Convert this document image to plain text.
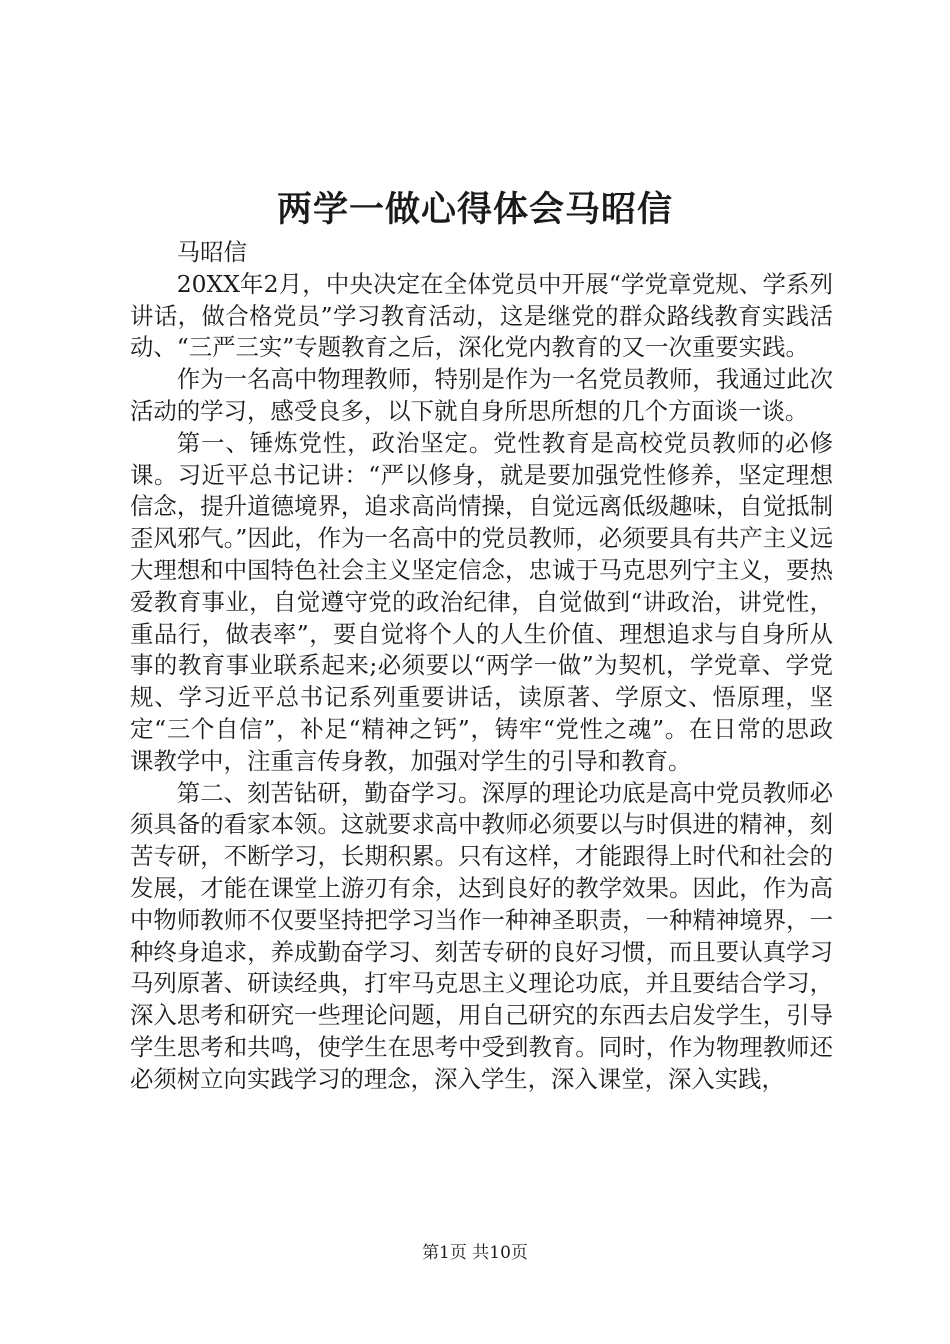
两学一做心得体会马昭信

马昭信

20XX年2月，中央决定在全体党员中开展“学党章党规、学系列讲话，做合格党员”学习教育活动，这是继党的群众路线教育实践活动、“三严三实”专题教育之后，深化党内教育的又一次重要实践。

作为一名高中物理教师，特别是作为一名党员教师，我通过此次活动的学习，感受良多，以下就自身所思所想的几个方面谈一谈。

第一、锤炼党性，政治坚定。党性教育是高校党员教师的必修课。习近平总书记讲：“严以修身，就是要加强党性修养，坚定理想信念，提升道德境界，追求高尚情操，自觉远离低级趣味，自觉抵制歪风邪气。”因此，作为一名高中的党员教师，必须要具有共产主义远大理想和中国特色社会主义坚定信念，忠诚于马克思列宁主义，要热爱教育事业，自觉遵守党的政治纪律，自觉做到“讲政治，讲党性，重品行，做表率”，要自觉将个人的人生价值、理想追求与自身所从事的教育事业联系起来;必须要以“两学一做”为契机，学党章、学党规、学习近平总书记系列重要讲话，读原著、学原文、悟原理，坚定“三个自信”，补足“精神之钙”，铸牢“党性之魂”。在日常的思政课教学中，注重言传身教，加强对学生的引导和教育。

第二、刻苦钻研，勤奋学习。深厚的理论功底是高中党员教师必须具备的看家本领。这就要求高中教师必须要以与时俱进的精神，刻苦专研，不断学习，长期积累。只有这样，才能跟得上时代和社会的发展，才能在课堂上游刃有余，达到良好的教学效果。因此，作为高中物师教师不仅要坚持把学习当作一种神圣职责，一种精神境界，一种终身追求，养成勤奋学习、刻苦专研的良好习惯，而且要认真学习马列原著、研读经典，打牢马克思主义理论功底，并且要结合学习，深入思考和研究一些理论问题，用自己研究的东西去启发学生，引导学生思考和共鸣，使学生在思考中受到教育。同时，作为物理教师还必须树立向实践学习的理念，深入学生，深入课堂，深入实践，

第1页 共10页
